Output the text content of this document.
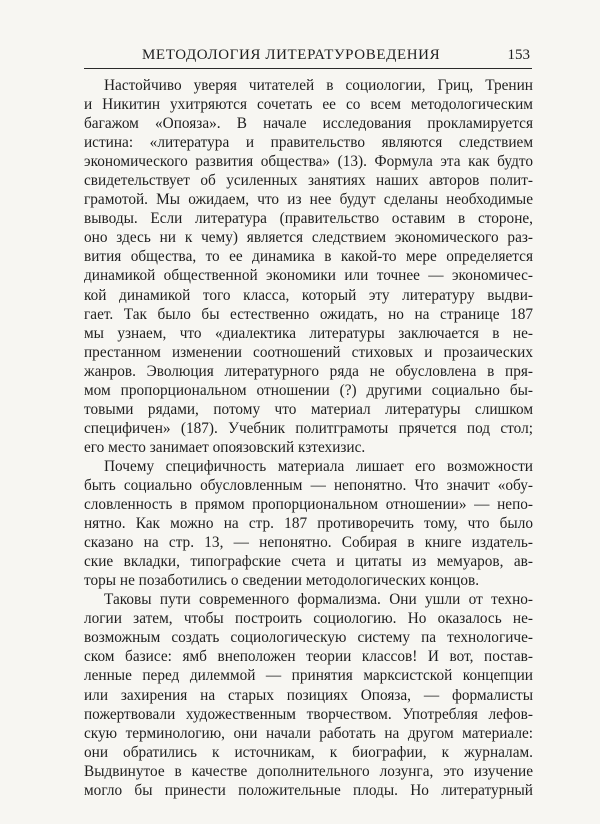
МЕТОДОЛОГИЯ ЛИТЕРАТУРОВЕДЕНИЯ	153
Настойчиво уверяя читателей в социологии, Гриц, Тренин
и Никитин ухитряются сочетать ее со всем методологическим
багажом «Опояза». В начале исследования прокламируется
истина: «литература и правительство являются следствием
экономического развития общества» (13). Формула эта как будто
свидетельствует об усиленных занятиях наших авторов полит-
грамотой. Мы ожидаем, что из нее будут сделаны необходимые
выводы. Если литература (правительство оставим в стороне,
оно здесь ни к чему) является следствием экономического раз-
вития общества, то ее динамика в какой-то мере определяется
динамикой общественной экономики или точнее — экономичес-
кой динамикой того класса, который эту литературу выдви-
гает. Так было бы естественно ожидать, но на странице 187
мы узнаем, что «диалектика литературы заключается в не-
престанном изменении соотношений стиховых и прозаических
жанров. Эволюция литературного ряда не обусловлена в пря-
мом пропорциональном отношении (?) другими социально бы-
товыми рядами, потому что материал литературы слишком
специфичен» (187). Учебник политграмоты прячется под стол;
его место занимает опоязовский кзтехизис.
Почему специфичность материала лишает его возможности
быть социально обусловленным — непонятно. Что значит «обу-
словленность в прямом пропорциональном отношении» — непо-
нятно. Как можно на стр. 187 противоречить тому, что было
сказано на стр. 13, — непонятно. Собирая в книге издатель-
ские вкладки, типографские счета и цитаты из мемуаров, ав-
торы не позаботились о сведении методологических концов.
Таковы пути современного формализма. Они ушли от техно-
логии затем, чтобы построить социологию. Но оказалось не-
возможным создать социологическую систему па технологиче-
ском базисе: ямб внеположен теории классов! И вот, постав-
ленные перед дилеммой — принятия марксистской концепции
или захирения на старых позициях Опояза, — формалисты
пожертвовали художественным творчеством. Употребляя лефов-
скую терминологию, они начали работать на другом материале:
они обратились к источникам, к биографии, к журналам.
Выдвинутое в качестве дополнительного лозунга, это изучение
могло бы принести положительные плоды. Но литературный
